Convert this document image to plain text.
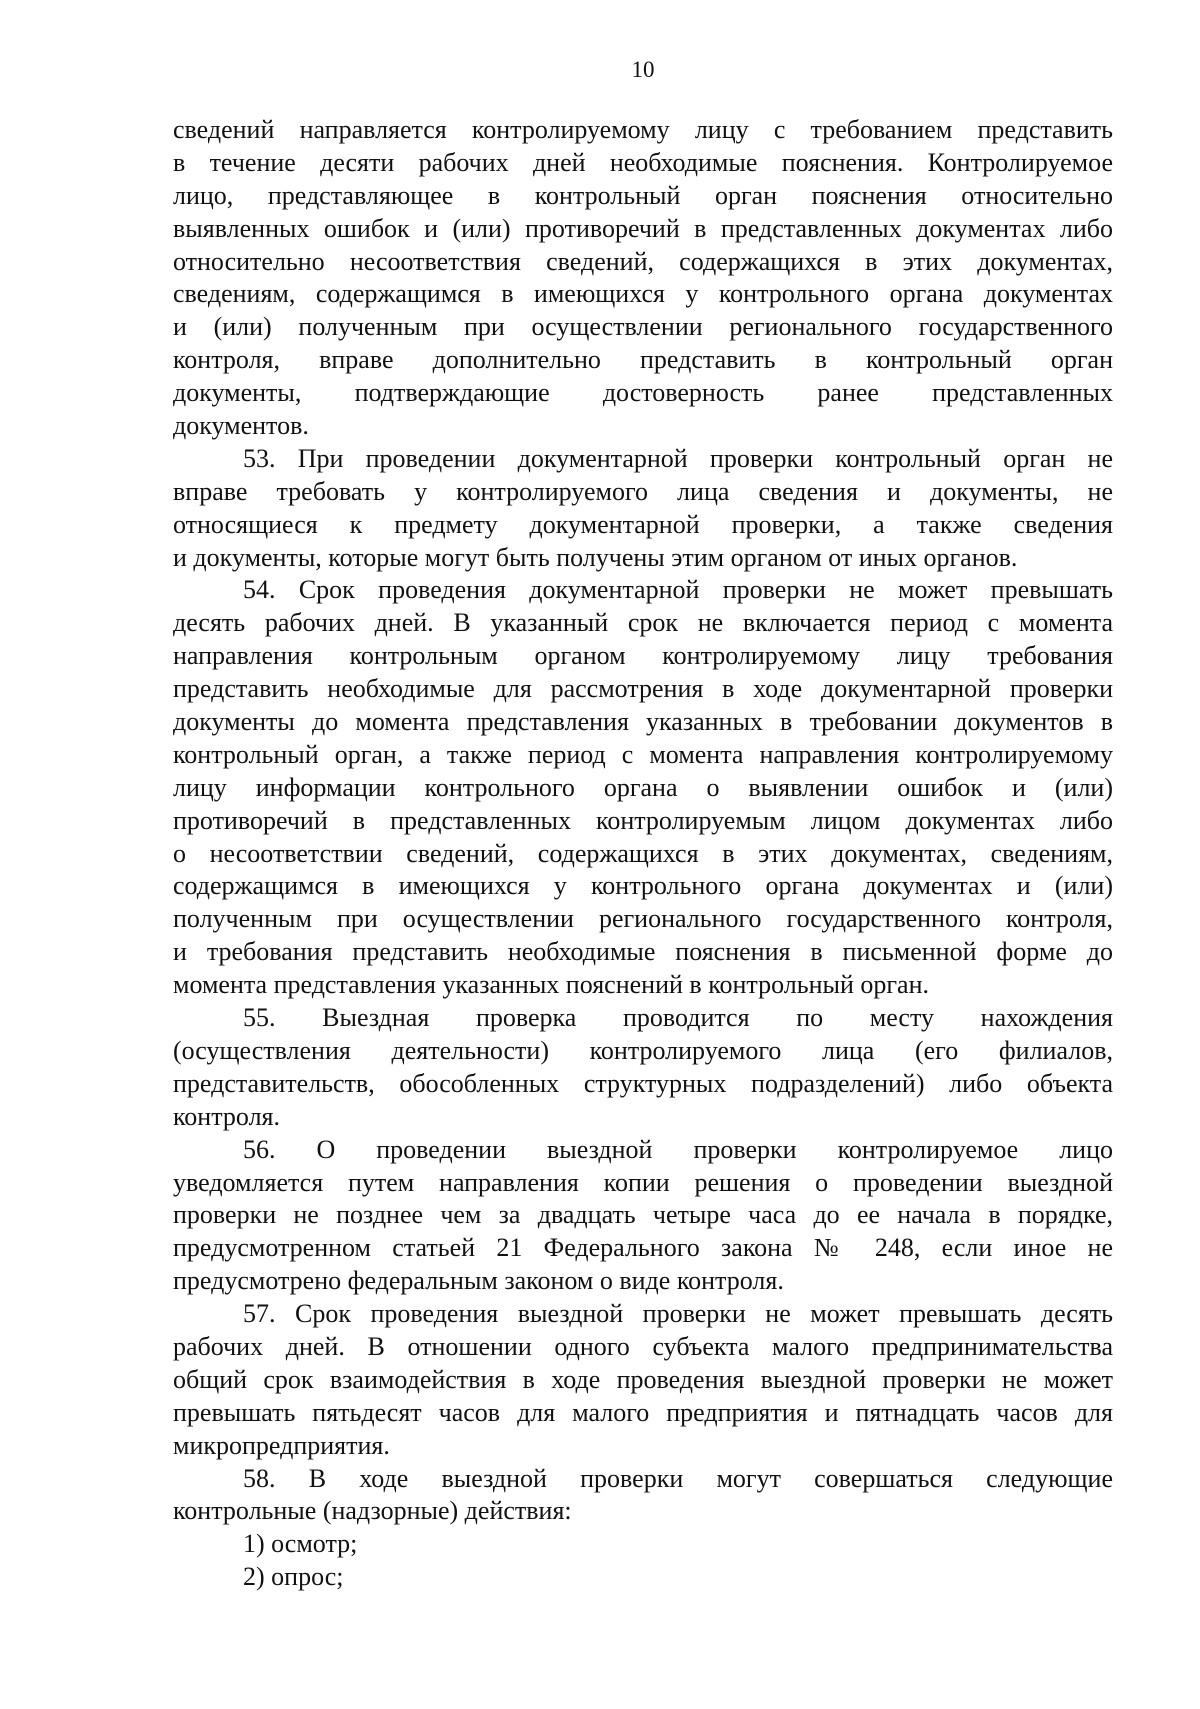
10
сведений направляется контролируемому лицу с требованием представить
в течение десяти рабочих дней необходимые пояснения. Контролируемое
лицо, представляющее в контрольный орган пояснения относительно
выявленных ошибок и (или) противоречий в представленных документах либо
относительно несоответствия сведений, содержащихся в этих документах,
сведениям, содержащимся в имеющихся у контрольного органа документах
и (или) полученным при осуществлении регионального государственного
контроля, вправе дополнительно представить в контрольный орган
документы, подтверждающие достоверность ранее представленных
документов.
53. При проведении документарной проверки контрольный орган не
вправе требовать у контролируемого лица сведения и документы, не
относящиеся к предмету документарной проверки, а также сведения
и документы, которые могут быть получены этим органом от иных органов.
54. Срок проведения документарной проверки не может превышать
десять рабочих дней. В указанный срок не включается период с момента
направления контрольным органом контролируемому лицу требования
представить необходимые для рассмотрения в ходе документарной проверки
документы до момента представления указанных в требовании документов в
контрольный орган, а также период с момента направления контролируемому
лицу информации контрольного органа о выявлении ошибок и (или)
противоречий в представленных контролируемым лицом документах либо
о несоответствии сведений, содержащихся в этих документах, сведениям,
содержащимся в имеющихся у контрольного органа документах и (или)
полученным при осуществлении регионального государственного контроля,
и требования представить необходимые пояснения в письменной форме до
момента представления указанных пояснений в контрольный орган.
55. Выездная проверка проводится по месту нахождения
(осуществления деятельности) контролируемого лица (его филиалов,
представительств, обособленных структурных подразделений) либо объекта
контроля.
56. О проведении выездной проверки контролируемое лицо
уведомляется путем направления копии решения о проведении выездной
проверки не позднее чем за двадцать четыре часа до ее начала в порядке,
предусмотренном статьей 21 Федерального закона № 248, если иное не
предусмотрено федеральным законом о виде контроля.
57. Срок проведения выездной проверки не может превышать десять
рабочих дней. В отношении одного субъекта малого предпринимательства
общий срок взаимодействия в ходе проведения выездной проверки не может
превышать пятьдесят часов для малого предприятия и пятнадцать часов для
микропредприятия.
58. В ходе выездной проверки могут совершаться следующие
контрольные (надзорные) действия:
1) осмотр;
2) опрос;
